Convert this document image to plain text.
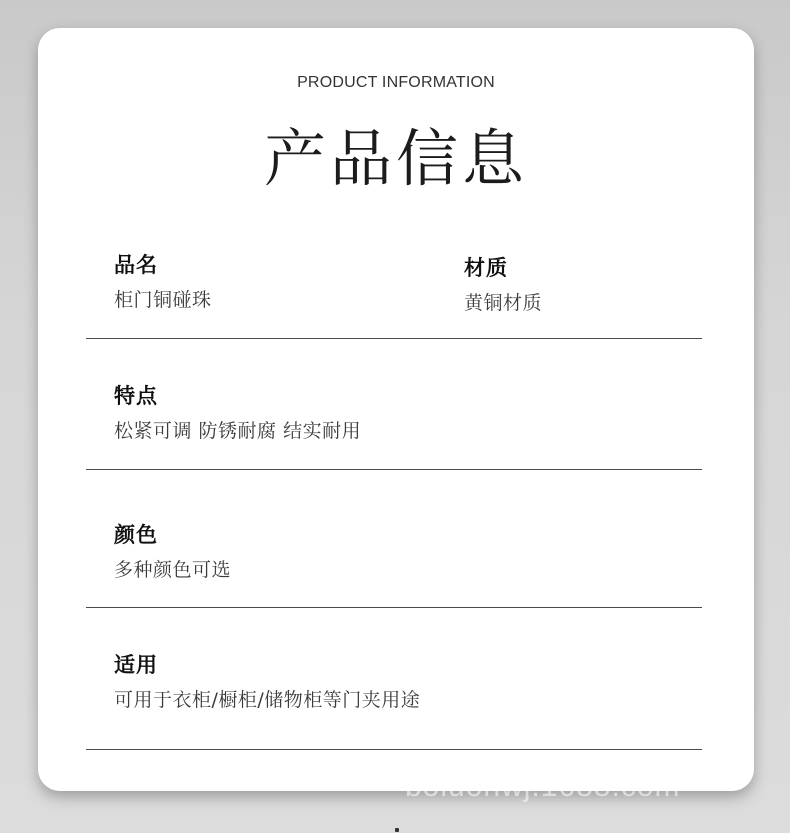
PRODUCT INFORMATION
产品信息
品名
柜门铜碰珠
材质
黄铜材质
特点
松紧可调 防锈耐腐 结实耐用
颜色
多种颜色可选
适用
可用于衣柜/橱柜/储物柜等门夹用途
boluohwj.1688.com
